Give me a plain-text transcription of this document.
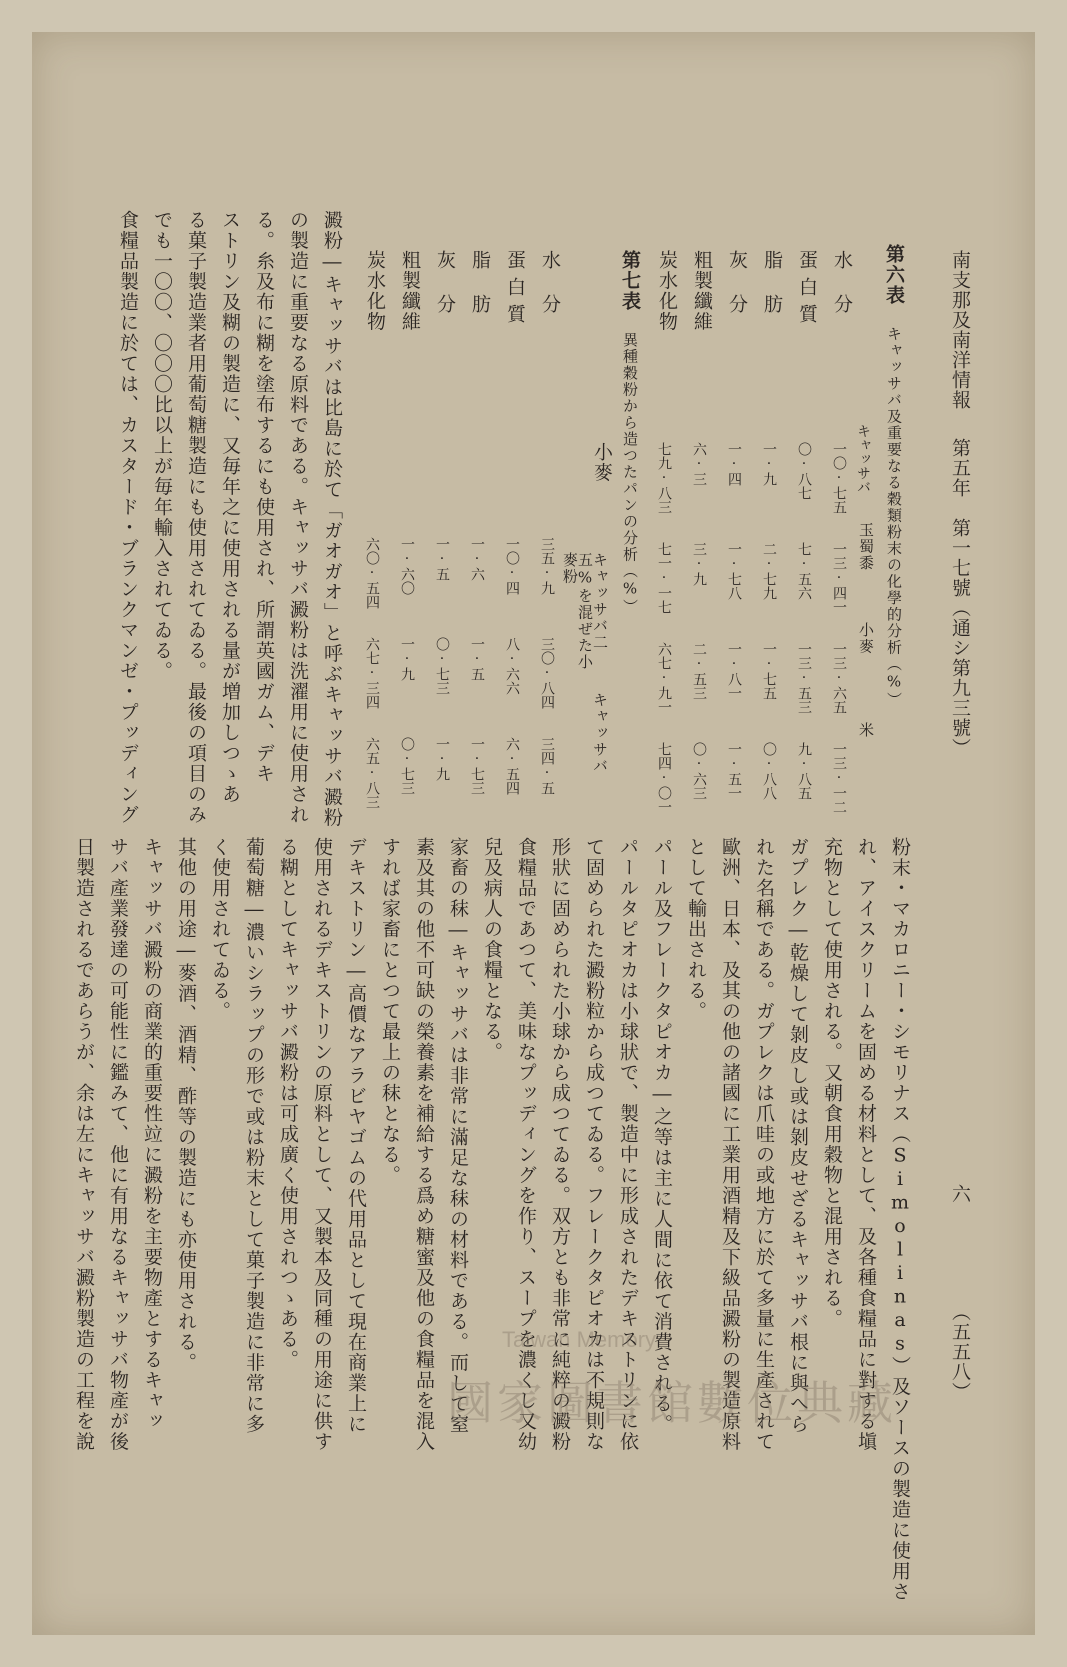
南支那及南洋情報第五年　第一七號（通シ第九三號）
六
（五五八）
第六表　キャッサバ及重要なる穀類粉末の化學的分析（%）
キャッサバ
玉蜀黍
小麥
米
水分
一〇·七五
一三·四一
一三·六五
一三·一二
蛋白質
〇·八七
七·五六
一三·五三
九·八五
脂肪
一·九
二·七九
一·七五
〇·八八
灰分
一·四
一·七八
一·八一
一·五一
粗製纖維
六·三
三·九
二·五三
〇·六三
炭水化物
七九·八三
七一·一七
六七·九一
七四·〇一
第七表　異種穀粉から造つたパンの分析（%）
小麥
キャッサバ二五%を混ぜた小麥粉
キャッサバ
水分
三五·九
三〇·八四
三四·五
蛋白質
一〇·四
八·六六
六·五四
脂肪
一·六
一·五
一·七三
灰分
一·五
〇·七三
一·九
粗製纖維
一·六〇
一·九
〇·七三
炭水化物
六〇·五四
六七·三四
六五·八三
澱粉―キャッサバは比島に於て「ガオガオ」と呼ぶキャッサバ澱粉
の製造に重要なる原料である。キャッサバ澱粉は洗濯用に使用され
る。糸及布に糊を塗布するにも使用され、所謂英國ガム、デキ
ストリン及糊の製造に、又毎年之に使用される量が増加しつゝあ
る菓子製造業者用葡萄糖製造にも使用されてゐる。最後の項目のみ
でも一〇〇、〇〇〇比以上が毎年輸入されてゐる。
食糧品製造に於ては、カスタード・ブランクマンゼ・プッディング
粉末・マカロニー・シモリナス（Simolinas）及ソースの製造に使用さ
れ、アイスクリームを固める材料として、及各種食糧品に對する塡
充物として使用される。又朝食用穀物と混用される。
ガプレク―乾燥して剝皮し或は剝皮せざるキャッサバ根に與へら
れた名稱である。ガプレクは爪哇の或地方に於て多量に生產されて
歐洲、日本、及其の他の諸國に工業用酒精及下級品澱粉の製造原料
として輸出される。
パール及フレークタピオカ―之等は主に人間に依て消費される。
パールタピオカは小球狀で、製造中に形成されたデキストリンに依
て固められた澱粉粒から成つてゐる。フレークタピオカは不規則な
形狀に固められた小球から成つてゐる。双方とも非常に純粹の澱粉
食糧品であつて、美味なプッディングを作り、スープを濃くし又幼
兒及病人の食糧となる。
家畜の秣―キャッサバは非常に滿足な秣の材料である。而して窒
素及其の他不可缺の榮養素を補給する爲め糖蜜及他の食糧品を混入
すれば家畜にとつて最上の秣となる。
デキストリン―高價なアラビヤゴムの代用品として現在商業上に
使用されるデキストリンの原料として、又製本及同種の用途に供す
る糊としてキャッサバ澱粉は可成廣く使用されつゝある。
葡萄糖―濃いシラップの形で或は粉末として菓子製造に非常に多
く使用されてゐる。
其他の用途―麥酒、酒精、酢等の製造にも亦使用される。
キャッサバ澱粉の商業的重要性竝に澱粉を主要物產とするキャッ
サバ產業發達の可能性に鑑みて、他に有用なるキャッサバ物產が後
日製造されるであらうが、余は左にキャッサバ澱粉製造の工程を說	Taiwan Memory
國家圖書館數位典藏
